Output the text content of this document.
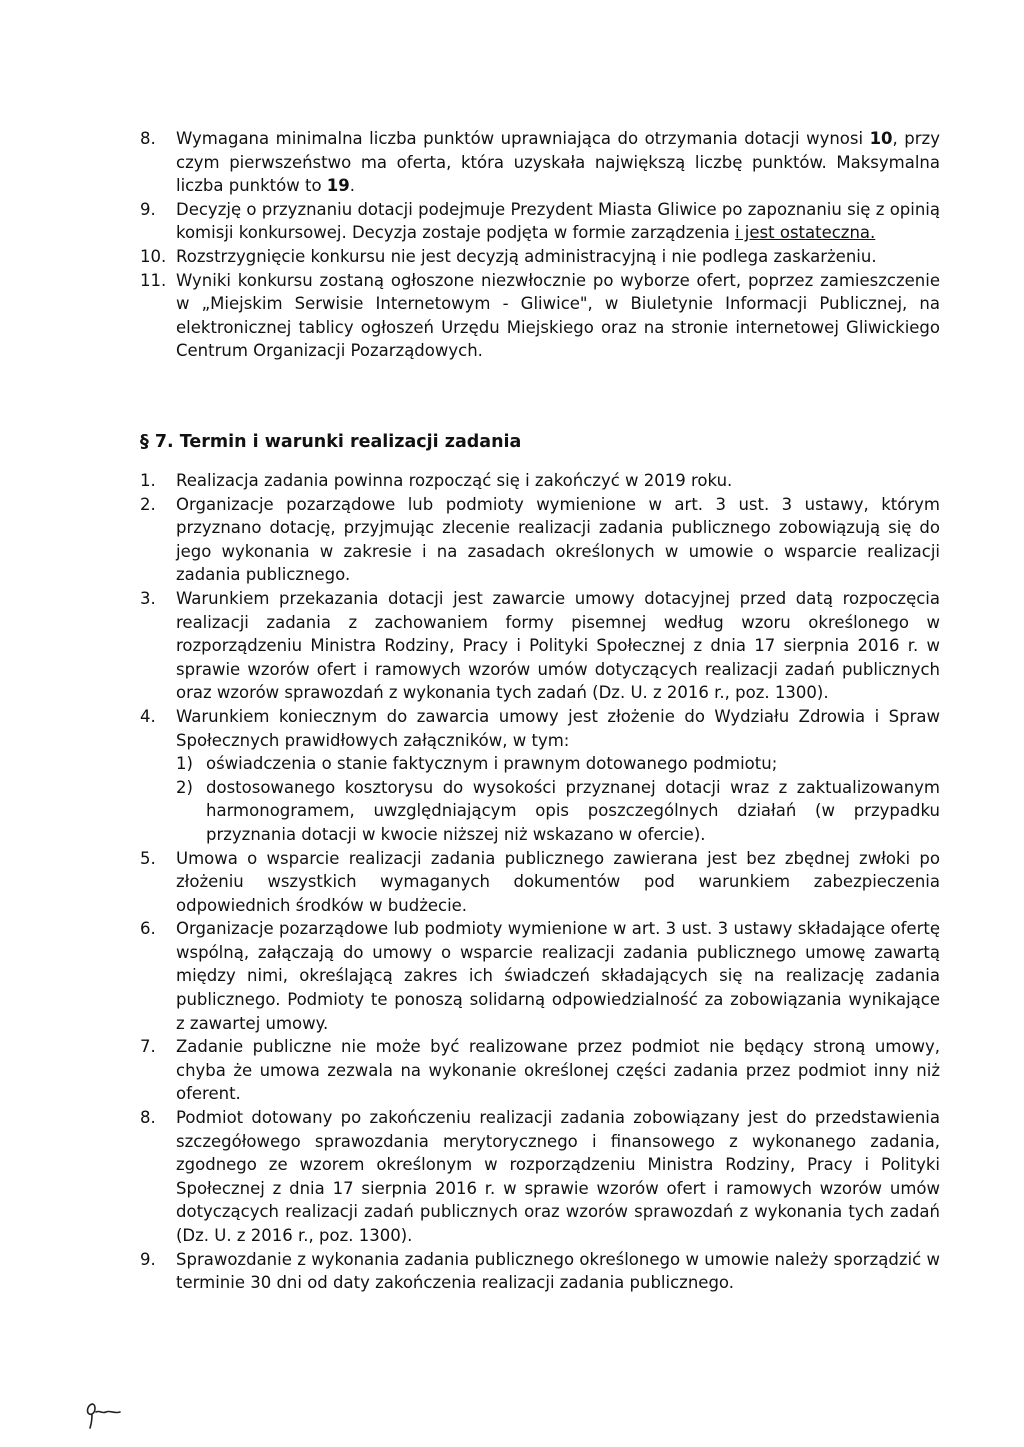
8. Wymagana minimalna liczba punktów uprawniająca do otrzymania dotacji wynosi 10, przy czym pierwszeństwo ma oferta, która uzyskała największą liczbę punktów. Maksymalna liczba punktów to 19.
9. Decyzję o przyznaniu dotacji podejmuje Prezydent Miasta Gliwice po zapoznaniu się z opinią komisji konkursowej. Decyzja zostaje podjęta w formie zarządzenia i jest ostateczna.
10. Rozstrzygnięcie konkursu nie jest decyzją administracyjną i nie podlega zaskarżeniu.
11. Wyniki konkursu zostaną ogłoszone niezwłocznie po wyborze ofert, poprzez zamieszczenie w „Miejskim Serwisie Internetowym - Gliwice", w Biuletynie Informacji Publicznej, na elektronicznej tablicy ogłoszeń Urzędu Miejskiego oraz na stronie internetowej Gliwickiego Centrum Organizacji Pozarządowych.
§ 7. Termin i warunki realizacji zadania
1. Realizacja zadania powinna rozpocząć się i zakończyć w 2019 roku.
2. Organizacje pozarządowe lub podmioty wymienione w art. 3 ust. 3 ustawy, którym przyznano dotację, przyjmując zlecenie realizacji zadania publicznego zobowiązują się do jego wykonania w zakresie i na zasadach określonych w umowie o wsparcie realizacji zadania publicznego.
3. Warunkiem przekazania dotacji jest zawarcie umowy dotacyjnej przed datą rozpoczęcia realizacji zadania z zachowaniem formy pisemnej według wzoru określonego w rozporządzeniu Ministra Rodziny, Pracy i Polityki Społecznej z dnia 17 sierpnia 2016 r. w sprawie wzorów ofert i ramowych wzorów umów dotyczących realizacji zadań publicznych oraz wzorów sprawozdań z wykonania tych zadań (Dz. U. z 2016 r., poz. 1300).
4. Warunkiem koniecznym do zawarcia umowy jest złożenie do Wydziału Zdrowia i Spraw Społecznych prawidłowych załączników, w tym:
1) oświadczenia o stanie faktycznym i prawnym dotowanego podmiotu;
2) dostosowanego kosztorysu do wysokości przyznanej dotacji wraz z zaktualizowanym harmonogramem, uwzględniającym opis poszczególnych działań (w przypadku przyznania dotacji w kwocie niższej niż wskazano w ofercie).
5. Umowa o wsparcie realizacji zadania publicznego zawierana jest bez zbędnej zwłoki po złożeniu wszystkich wymaganych dokumentów pod warunkiem zabezpieczenia odpowiednich środków w budżecie.
6. Organizacje pozarządowe lub podmioty wymienione w art. 3 ust. 3 ustawy składające ofertę wspólną, załączają do umowy o wsparcie realizacji zadania publicznego umowę zawartą między nimi, określającą zakres ich świadczeń składających się na realizację zadania publicznego. Podmioty te ponoszą solidarną odpowiedzialność za zobowiązania wynikające z zawartej umowy.
7. Zadanie publiczne nie może być realizowane przez podmiot nie będący stroną umowy, chyba że umowa zezwala na wykonanie określonej części zadania przez podmiot inny niż oferent.
8. Podmiot dotowany po zakończeniu realizacji zadania zobowiązany jest do przedstawienia szczegółowego sprawozdania merytorycznego i finansowego z wykonanego zadania, zgodnego ze wzorem określonym w rozporządzeniu Ministra Rodziny, Pracy i Polityki Społecznej z dnia 17 sierpnia 2016 r. w sprawie wzorów ofert i ramowych wzorów umów dotyczących realizacji zadań publicznych oraz wzorów sprawozdań z wykonania tych zadań (Dz. U. z 2016 r., poz. 1300).
9. Sprawozdanie z wykonania zadania publicznego określonego w umowie należy sporządzić w terminie 30 dni od daty zakończenia realizacji zadania publicznego.
